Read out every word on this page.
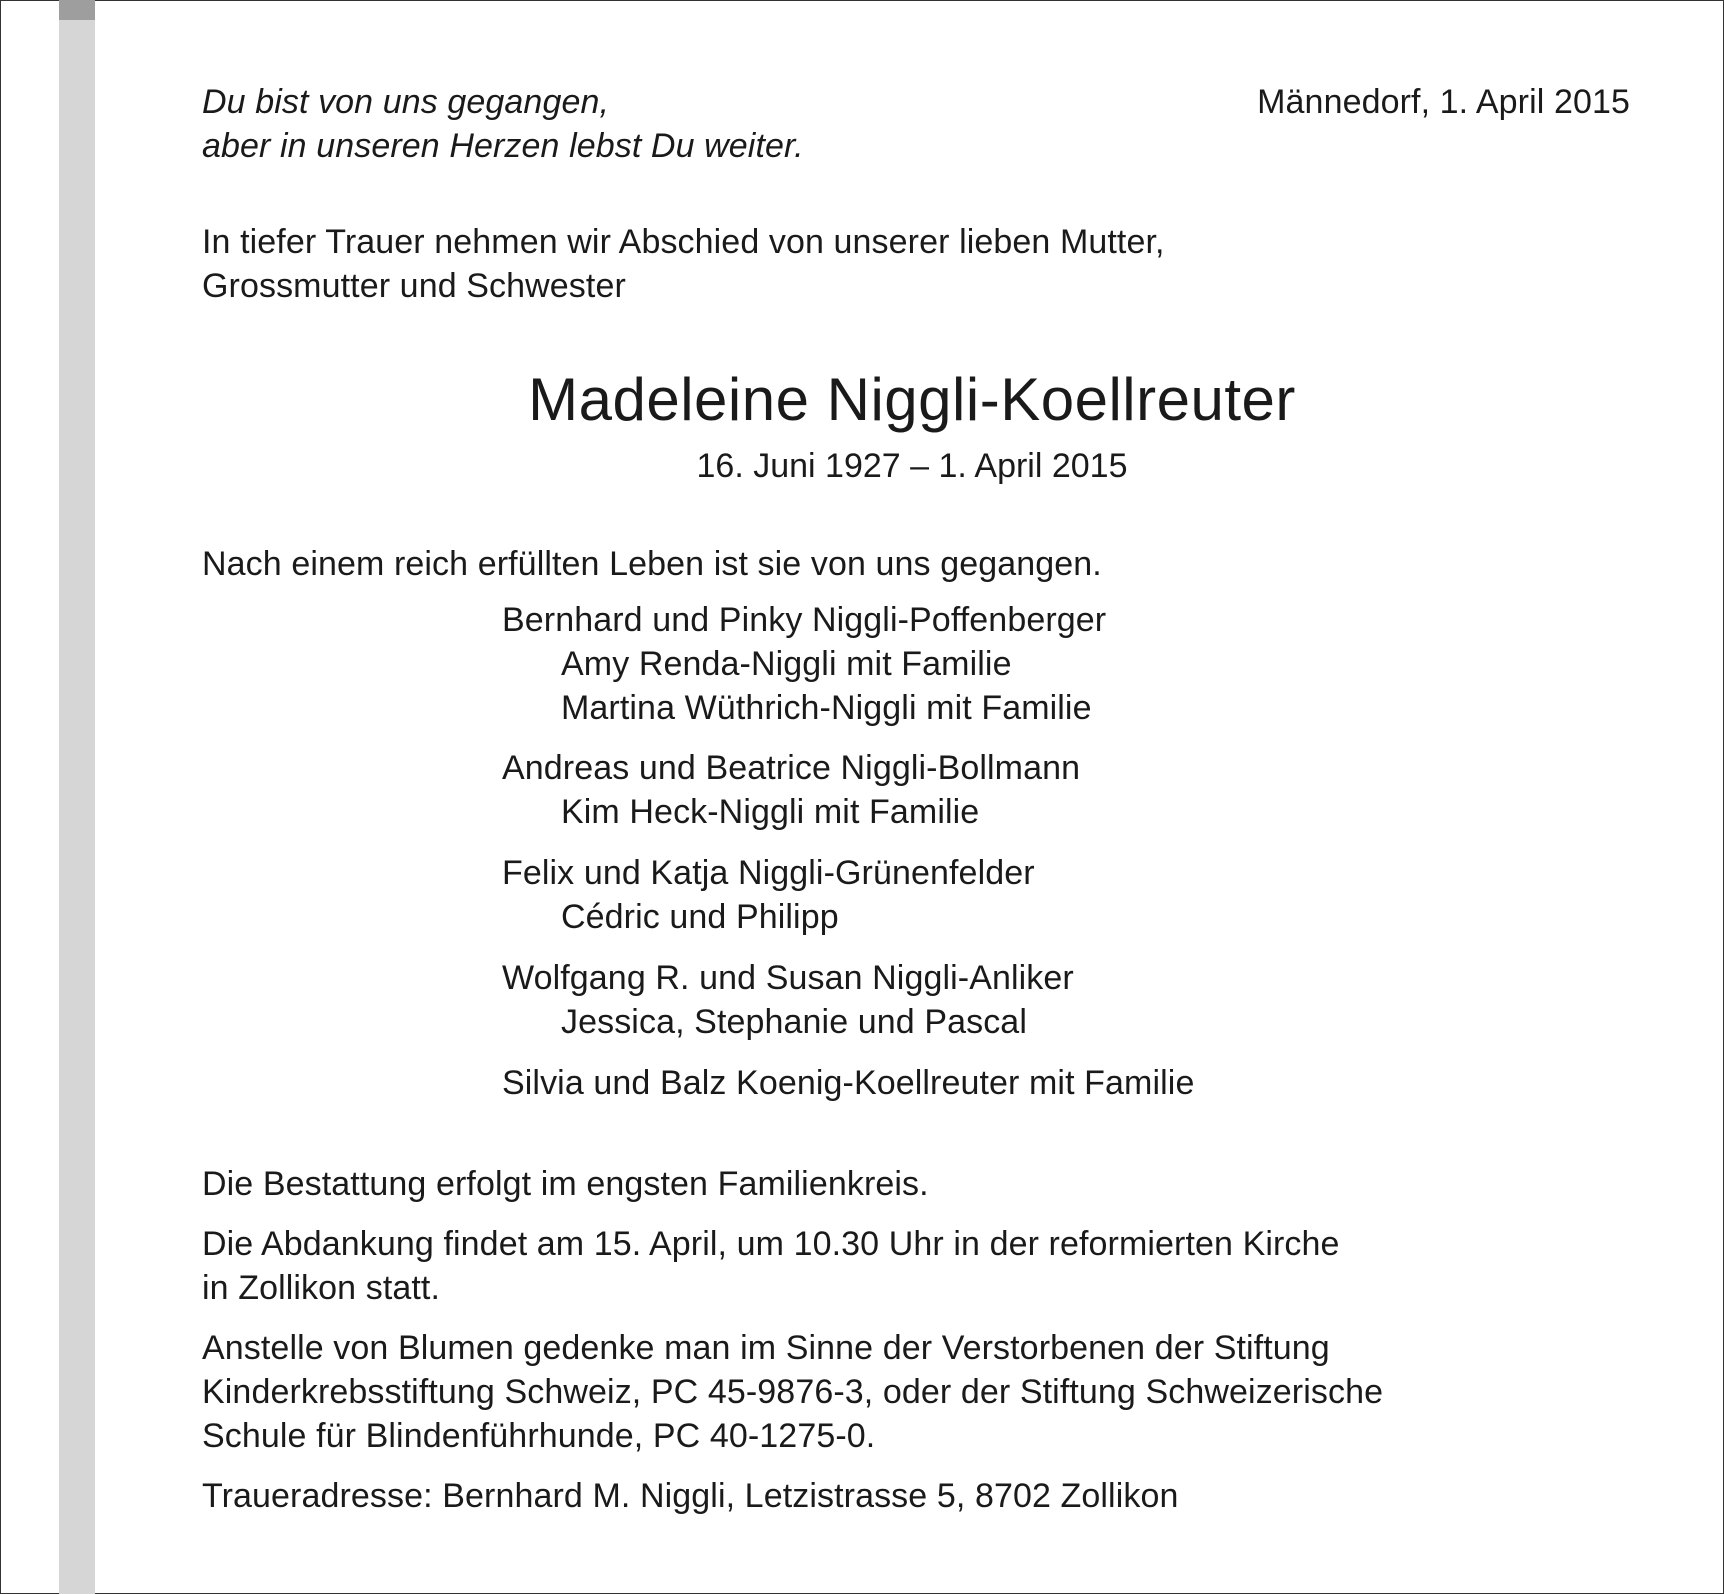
Du bist von uns gegangen,
aber in unseren Herzen lebst Du weiter.
Männedorf, 1. April 2015
In tiefer Trauer nehmen wir Abschied von unserer lieben Mutter,
Grossmutter und Schwester
Madeleine Niggli-Koellreuter
16. Juni 1927 – 1. April 2015
Nach einem reich erfüllten Leben ist sie von uns gegangen.
Bernhard und Pinky Niggli-Poffenberger
Amy Renda-Niggli mit Familie
Martina Wüthrich-Niggli mit Familie
Andreas und Beatrice Niggli-Bollmann
Kim Heck-Niggli mit Familie
Felix und Katja Niggli-Grünenfelder
Cédric und Philipp
Wolfgang R. und Susan Niggli-Anliker
Jessica, Stephanie und Pascal
Silvia und Balz Koenig-Koellreuter mit Familie
Die Bestattung erfolgt im engsten Familienkreis.
Die Abdankung findet am 15. April, um 10.30 Uhr in der reformierten Kirche
in Zollikon statt.
Anstelle von Blumen gedenke man im Sinne der Verstorbenen der Stiftung
Kinderkrebsstiftung Schweiz, PC 45-9876-3, oder der Stiftung Schweizerische
Schule für Blindenführhunde, PC 40-1275-0.
Traueradresse: Bernhard M. Niggli, Letzistrasse 5, 8702 Zollikon
